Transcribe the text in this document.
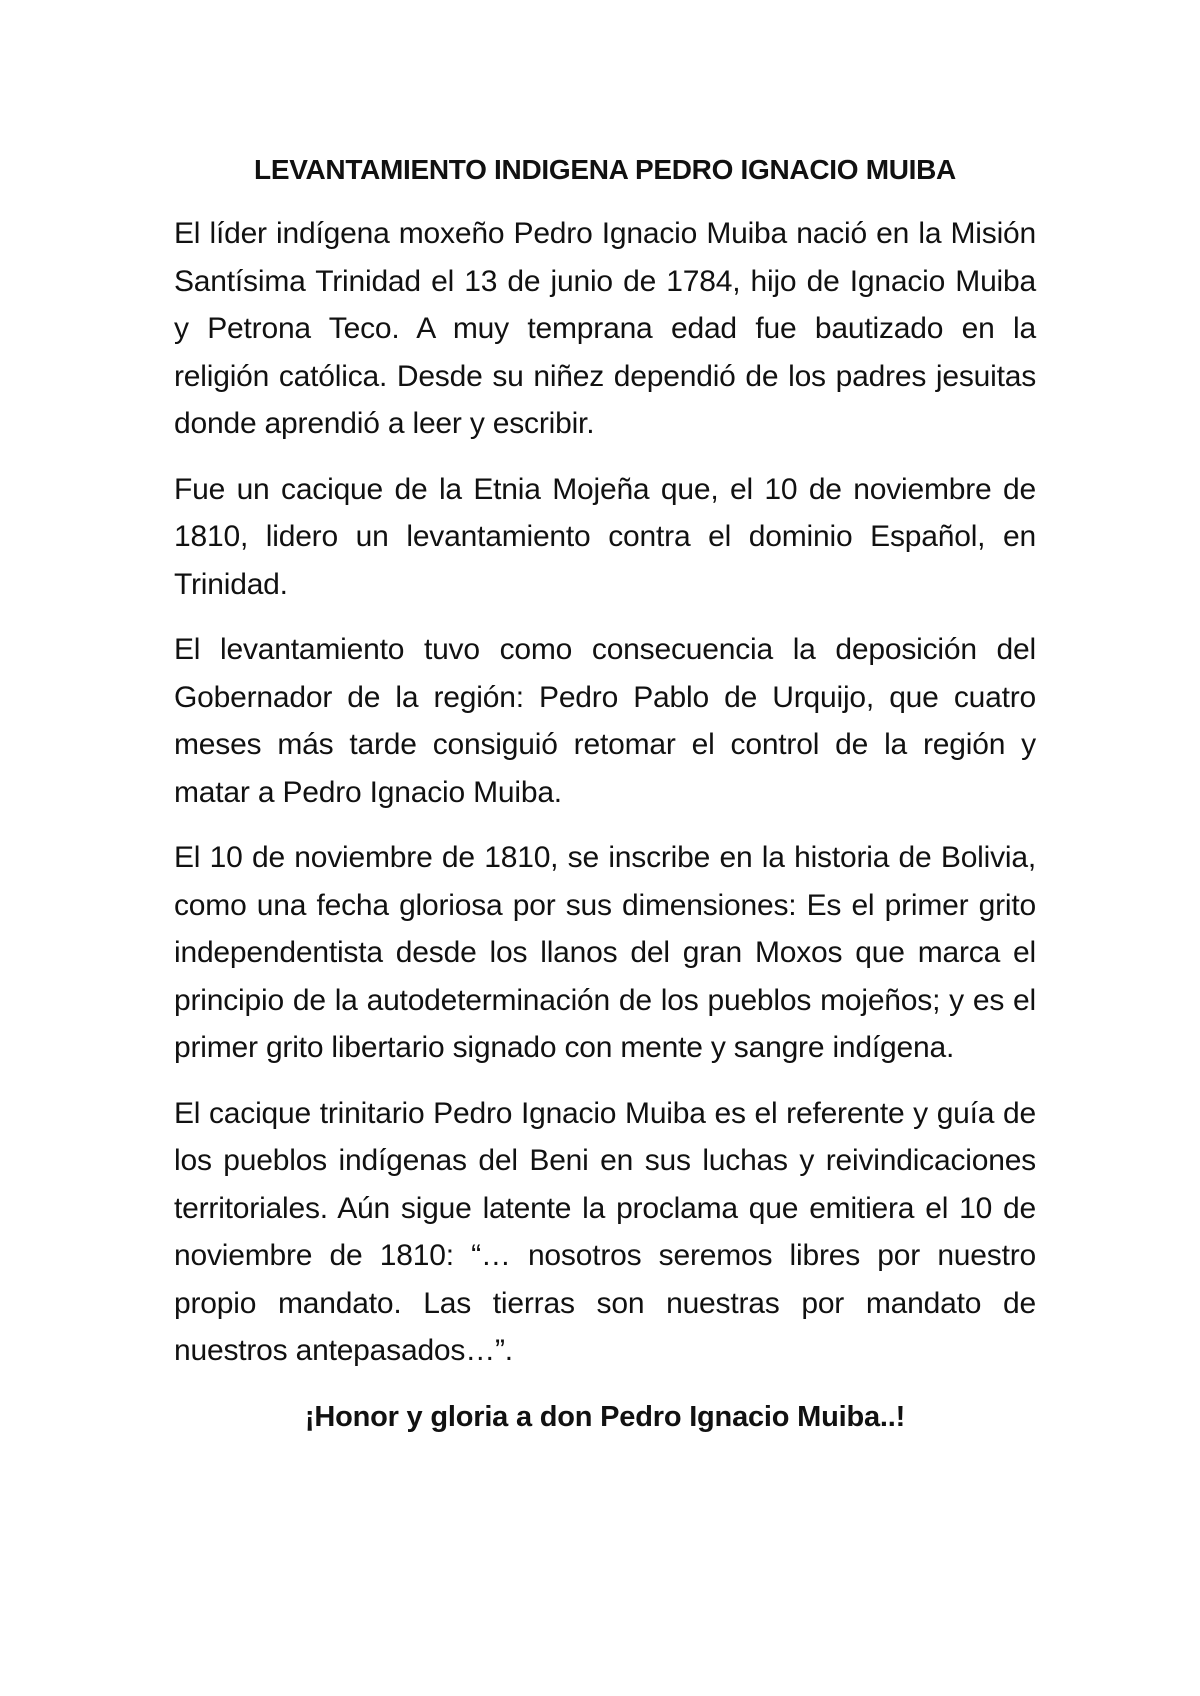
LEVANTAMIENTO INDIGENA PEDRO IGNACIO MUIBA

El líder indígena moxeño Pedro Ignacio Muiba nació en la Misión Santísima Trinidad el 13 de junio de 1784, hijo de Ignacio Muiba y Petrona Teco. A muy temprana edad fue bautizado en la religión católica. Desde su niñez dependió de los padres jesuitas donde aprendió a leer y escribir.

Fue un cacique de la Etnia Mojeña que, el 10 de noviembre de 1810, lidero un levantamiento contra el dominio Español, en Trinidad.

El levantamiento tuvo como consecuencia la deposición del Gobernador de la región: Pedro Pablo de Urquijo, que cuatro meses más tarde consiguió retomar el control de la región y matar a Pedro Ignacio Muiba.

El 10 de noviembre de 1810, se inscribe en la historia de Bolivia, como una fecha gloriosa por sus dimensiones: Es el primer grito independentista desde los llanos del gran Moxos que marca el principio de la autodeterminación de los pueblos mojeños; y es el primer grito libertario signado con mente y sangre indígena.

El cacique trinitario Pedro Ignacio Muiba es el referente y guía de los pueblos indígenas del Beni en sus luchas y reivindicaciones territoriales. Aún sigue latente la proclama que emitiera el 10 de noviembre de 1810: “… nosotros seremos libres por nuestro propio mandato. Las tierras son nuestras por mandato de nuestros antepasados…”.

¡Honor y gloria a don Pedro Ignacio Muiba..!
